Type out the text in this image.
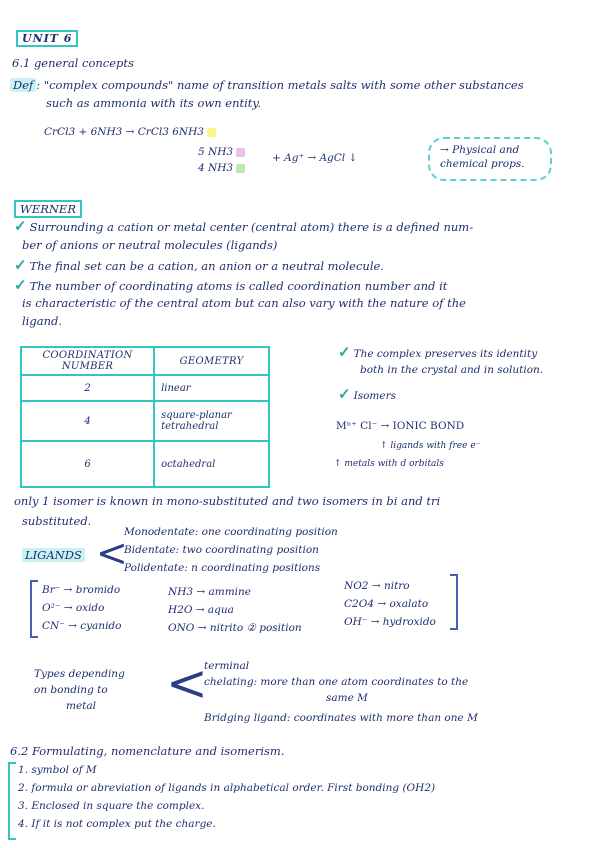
UNIT 6
6.1 general concepts
Def : "complex compounds" name of transition metals salts with some other substances
such as ammonia with its own entity.
CrCl3 + 6NH3 → CrCl3 6NH3
5 NH3
4 NH3
+ Ag⁺ → AgCl ↓
→ Physical and chemical props.
WERNER
✓ Surrounding a cation or metal center (central atom) there is a defined num-
ber of anions or neutral molecules (ligands)
✓ The final set can be a cation, an anion or a neutral molecule.
✓ The number of coordinating atoms is called coordination number and it
is characteristic of the central atom but can also vary with the nature of the
ligand.
COORDINATION NUMBER	GEOMETRY
2	linear
4	square-planar tetrahedral
6	octahedral
✓ The complex preserves its identity
both in the crystal and in solution.
✓ Isomers
Mⁿ⁺ Cl⁻ → IONIC BOND
↑ ligands with free e⁻
↑ metals with d orbitals
only 1 isomer is known in mono-substituted and two isomers in bi and tri
substituted.
LIGANDS <
Monodentate: one coordinating position
Bidentate: two coordinating position
Polidentate: n coordinating positions
Br⁻ → bromido
O²⁻ → oxido
CN⁻ → cyanido
NH3 → ammine
H2O → aqua
ONO → nitrito ② position
NO2 → nitro
C2O4 → oxalato
OH⁻ → hydroxido
Types depending
on bonding to
metal <
terminal
chelating: more than one atom coordinates to the
same M
Bridging ligand: coordinates with more than one M
6.2 Formulating, nomenclature and isomerism.
1. symbol of M
2. formula or abreviation of ligands in alphabetical order. First bonding (OH2)
3. Enclosed in square the complex.
4. If it is not complex put the charge.
